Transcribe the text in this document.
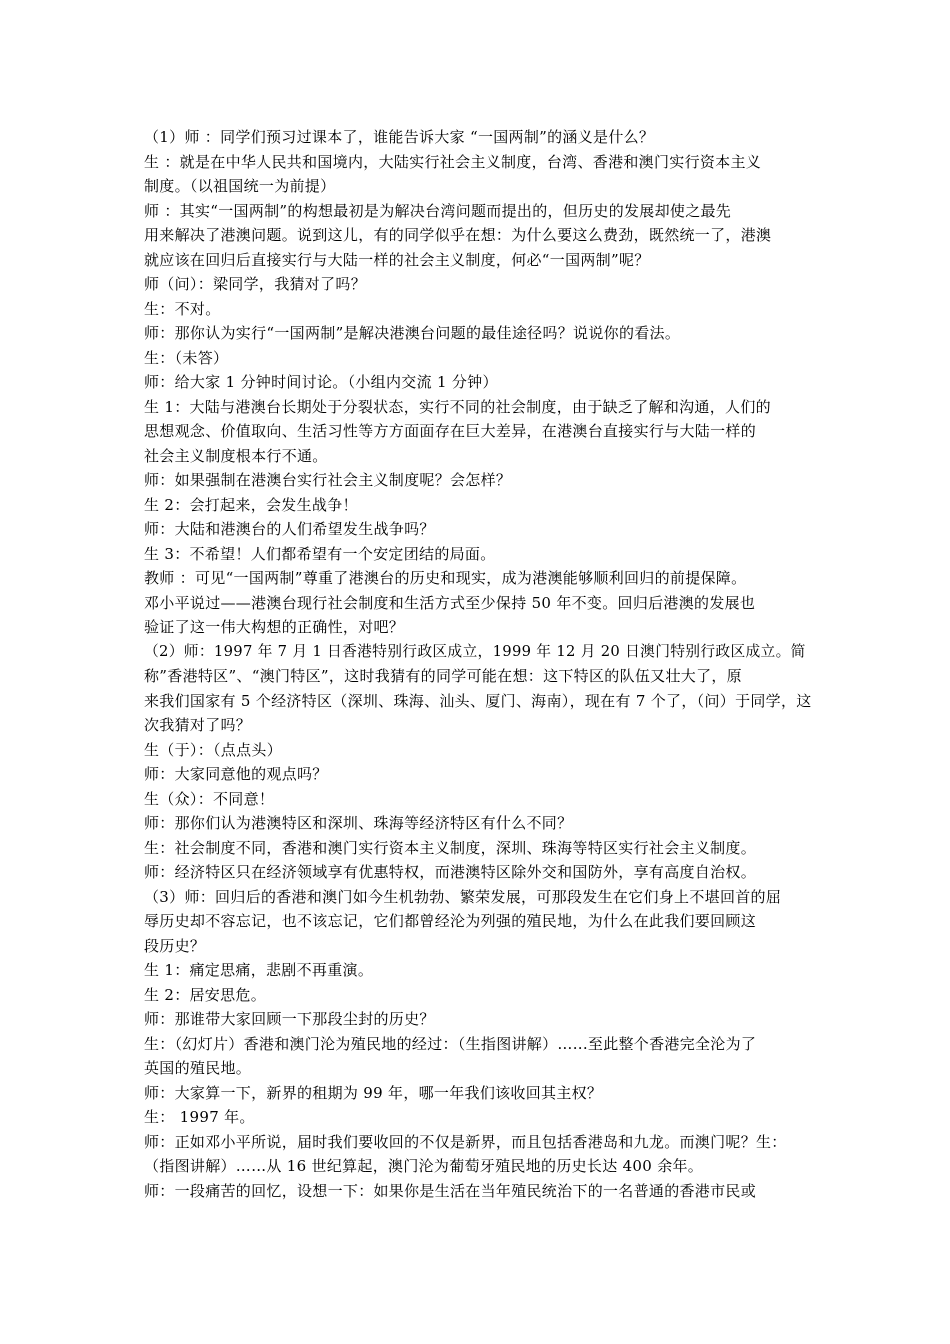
（1）师 ：同学们预习过课本了，谁能告诉大家 “一国两制”的涵义是什么？
生 ：就是在中华人民共和国境内，大陆实行社会主义制度，台湾、香港和澳门实行资本主义
制度。（以祖国统一为前提）
师 ：其实“一国两制”的构想最初是为解决台湾问题而提出的，但历史的发展却使之最先
用来解决了港澳问题。说到这儿，有的同学似乎在想：为什么要这么费劲，既然统一了，港澳
就应该在回归后直接实行与大陆一样的社会主义制度，何必“一国两制”呢？
师（问）：梁同学，我猜对了吗？
生：不对。
师：那你认为实行“一国两制”是解决港澳台问题的最佳途径吗？说说你的看法。
生：（未答）
师：给大家 1 分钟时间讨论。（小组内交流 1 分钟）
生 1：大陆与港澳台长期处于分裂状态，实行不同的社会制度，由于缺乏了解和沟通，人们的
思想观念、价值取向、生活习性等方方面面存在巨大差异，在港澳台直接实行与大陆一样的
社会主义制度根本行不通。
师：如果强制在港澳台实行社会主义制度呢？会怎样？
生 2：会打起来，会发生战争！
师：大陆和港澳台的人们希望发生战争吗？
生 3：不希望！人们都希望有一个安定团结的局面。
教师 ：可见“一国两制”尊重了港澳台的历史和现实，成为港澳能够顺利回归的前提保障。
邓小平说过——港澳台现行社会制度和生活方式至少保持 50 年不变。回归后港澳的发展也
验证了这一伟大构想的正确性，对吧？
（2）师：1997 年 7 月 1 日香港特别行政区成立，1999 年 12 月 20 日澳门特别行政区成立。简
称”香港特区”、“澳门特区”，这时我猜有的同学可能在想：这下特区的队伍又壮大了，原
来我们国家有 5 个经济特区（深圳、珠海、汕头、厦门、海南），现在有 7 个了，（问）于同学，这
次我猜对了吗？
生（于）：（点点头）
师：大家同意他的观点吗？
生（众）：不同意！
师：那你们认为港澳特区和深圳、珠海等经济特区有什么不同？
生：社会制度不同，香港和澳门实行资本主义制度，深圳、珠海等特区实行社会主义制度。
师：经济特区只在经济领域享有优惠特权，而港澳特区除外交和国防外，享有高度自治权。
（3）师：回归后的香港和澳门如今生机勃勃、繁荣发展，可那段发生在它们身上不堪回首的屈
辱历史却不容忘记，也不该忘记，它们都曾经沦为列强的殖民地，为什么在此我们要回顾这
段历史？
生 1：痛定思痛，悲剧不再重演。
生 2：居安思危。
师：那谁带大家回顾一下那段尘封的历史？
生：（幻灯片）香港和澳门沦为殖民地的经过：（生指图讲解）…...至此整个香港完全沦为了
英国的殖民地。
师：大家算一下，新界的租期为 99 年，哪一年我们该收回其主权？
生： 1997 年。
师：正如邓小平所说，届时我们要收回的不仅是新界，而且包括香港岛和九龙。而澳门呢？生：
（指图讲解）……从 16 世纪算起，澳门沦为葡萄牙殖民地的历史长达 400 余年。
师：一段痛苦的回忆，设想一下：如果你是生活在当年殖民统治下的一名普通的香港市民或
